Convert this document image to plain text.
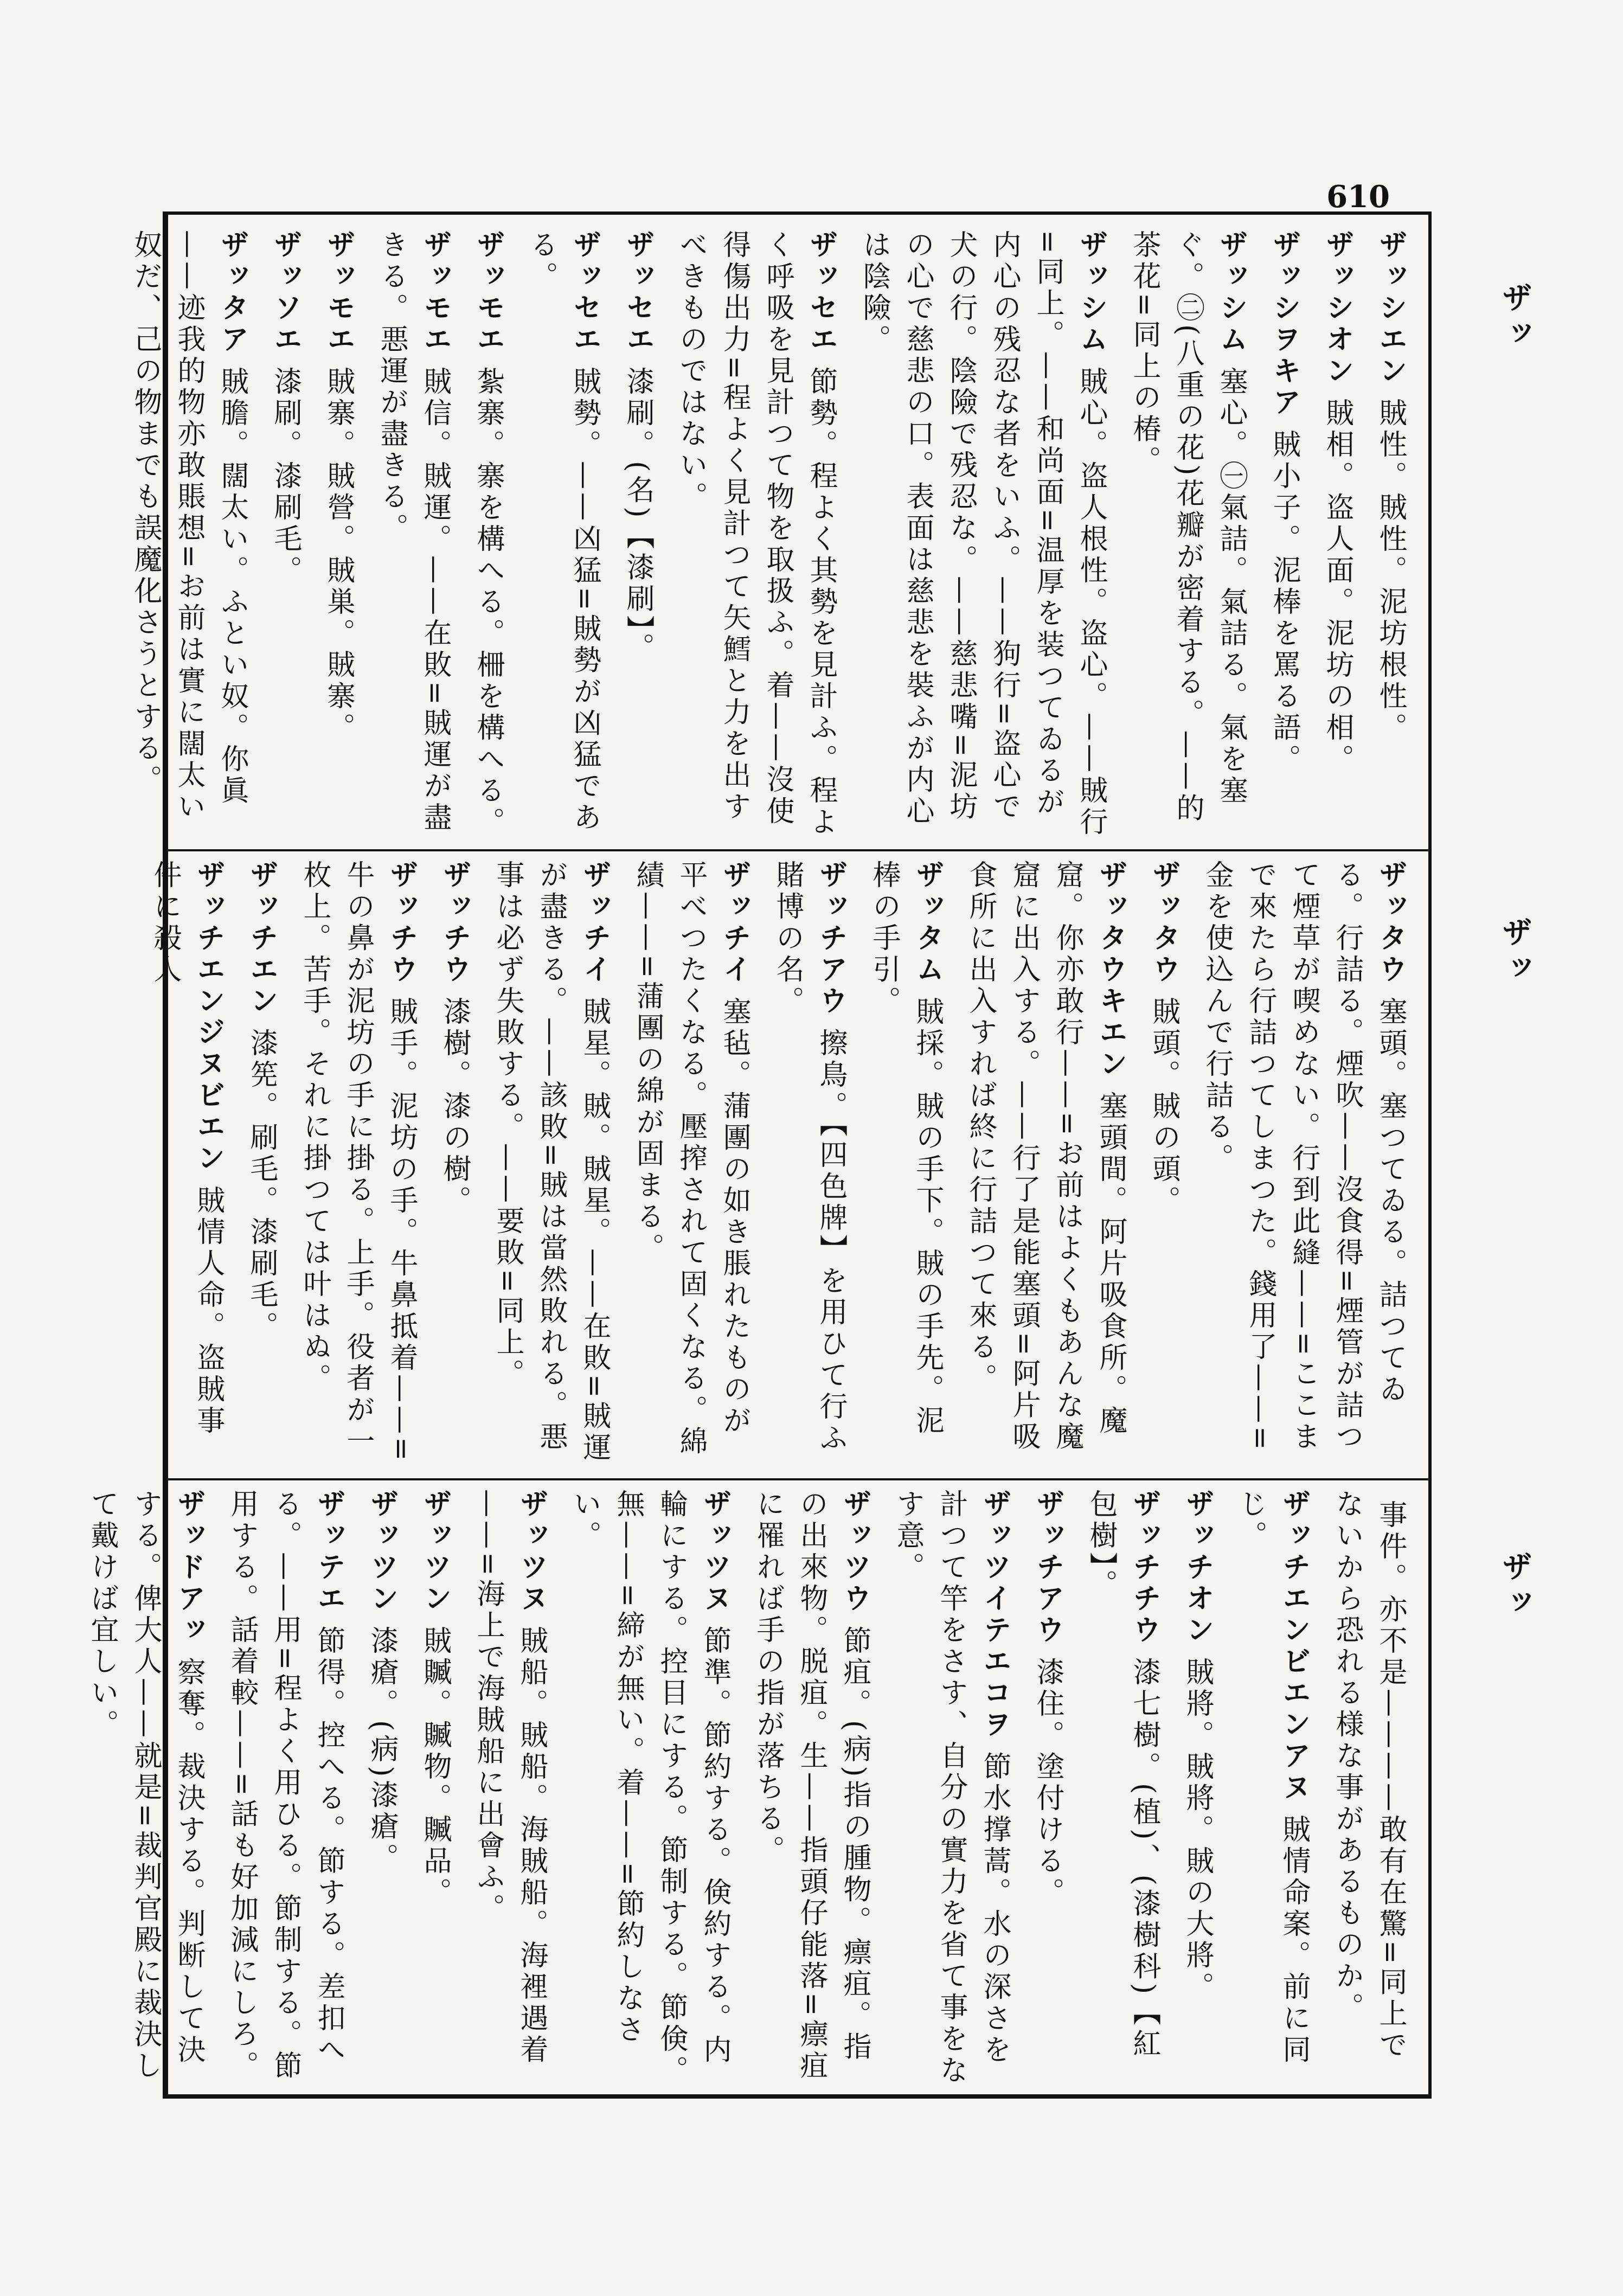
610
ザッシエン賊性。賊性。泥坊根性。
ザッシオン賊相。盗人面。泥坊の相。
ザッシヲキア賊小子。泥棒を罵る語。
ザッシム塞心。㊀氣詰。氣詰る。氣を塞ぐ。㊁(八重の花)花瓣が密着する。——的茶花=同上の椿。
ザッシム賊心。盗人根性。盗心。——賊行=同上。——和尚面=温厚を装つてゐるが内心の残忍な者をいふ。——狗行=盗心で犬の行。陰險で残忍な。——慈悲嘴=泥坊の心で慈悲の口。表面は慈悲を裝ふが内心は陰險。
ザッセエ節勢。程よく其勢を見計ふ。程よく呼吸を見計つて物を取扱ふ。着——沒使得傷出力=程よく見計つて矢鱈と力を出すべきものではない。
ザッセエ漆刷。(名)【漆刷】。
ザッセエ賊勢。——凶猛=賊勢が凶猛である。
ザッモエ紮寨。寨を構へる。柵を構へる。
ザッモエ賊信。賊運。——在敗=賊運が盡きる。悪運が盡きる。
ザッモエ賊寨。賊營。賊巣。賊寨。
ザッソエ漆刷。漆刷毛。
ザッタア賊膽。闊太い。ふとい奴。你眞——迹我的物亦敢賬想=お前は實に闊太い奴だ、己の物までも誤魔化さうとする。
ザッタウ塞頭。塞つてゐる。詰つてゐる。行詰る。煙吹——沒食得=煙管が詰つて煙草が喫めない。行到此縫——=ここまで來たら行詰つてしまつた。錢用了——=金を使込んで行詰る。
ザッタウ賊頭。賊の頭。
ザッタウキエン塞頭間。阿片吸食所。魔窟。你亦敢行——=お前はよくもあんな魔窟に出入する。——行了是能塞頭=阿片吸食所に出入すれば終に行詰つて來る。
ザッタム賊採。賊の手下。賊の手先。泥棒の手引。
ザッチアウ擦鳥。【四色牌】を用ひて行ふ賭博の名。
ザッチイ塞毡。蒲團の如き脹れたものが平べつたくなる。壓搾されて固くなる。綿績——=蒲團の綿が固まる。
ザッチイ賊星。賊。賊星。——在敗=賊運が盡きる。——該敗=賊は當然敗れる。悪事は必ず失敗する。——要敗=同上。
ザッチウ漆樹。漆の樹。
ザッチウ賊手。泥坊の手。牛鼻抵着——=牛の鼻が泥坊の手に掛る。上手。役者が一枚上。苦手。それに掛つては叶はぬ。
ザッチエン漆筅。刷毛。漆刷毛。
ザッチエンジヌビエン賊情人命。盗賊事件に殺人
事件。亦不是————敢有在驚=同上でないから恐れる様な事があるものか。
ザッチエンビエンアヌ賊情命案。前に同じ。
ザッチオン賊將。賊將。賊の大將。
ザッチチウ漆七樹。(植)、(漆樹科)【紅包樹】。
ザッチアウ漆住。塗付ける。
ザッツイテエコヲ節水撑蒿。水の深さを計つて竿をさす、自分の實力を省て事をなす意。
ザッツウ節疽。(病)指の腫物。瘭疽。指の出來物。脱疽。生——指頭仔能落=瘭疽に罹れば手の指が落ちる。
ザッツヌ節準。節約する。倹約する。内輪にする。控目にする。節制する。節倹。無——=締が無い。着——=節約しなさい。
ザッツヌ賊船。賊船。海賊船。海裡遇着——=海上で海賊船に出會ふ。
ザッツン賊贓。贓物。贓品。
ザッツン漆瘡。(病)漆瘡。
ザッテエ節得。控へる。節する。差扣へる。——用=程よく用ひる。節制する。節用する。話着較——=話も好加減にしろ。
ザッドアッ察奪。裁決する。判断して決する。俾大人——就是=裁判官殿に裁決して戴けば宜しい。
ザッ
ザッ
ザッ
